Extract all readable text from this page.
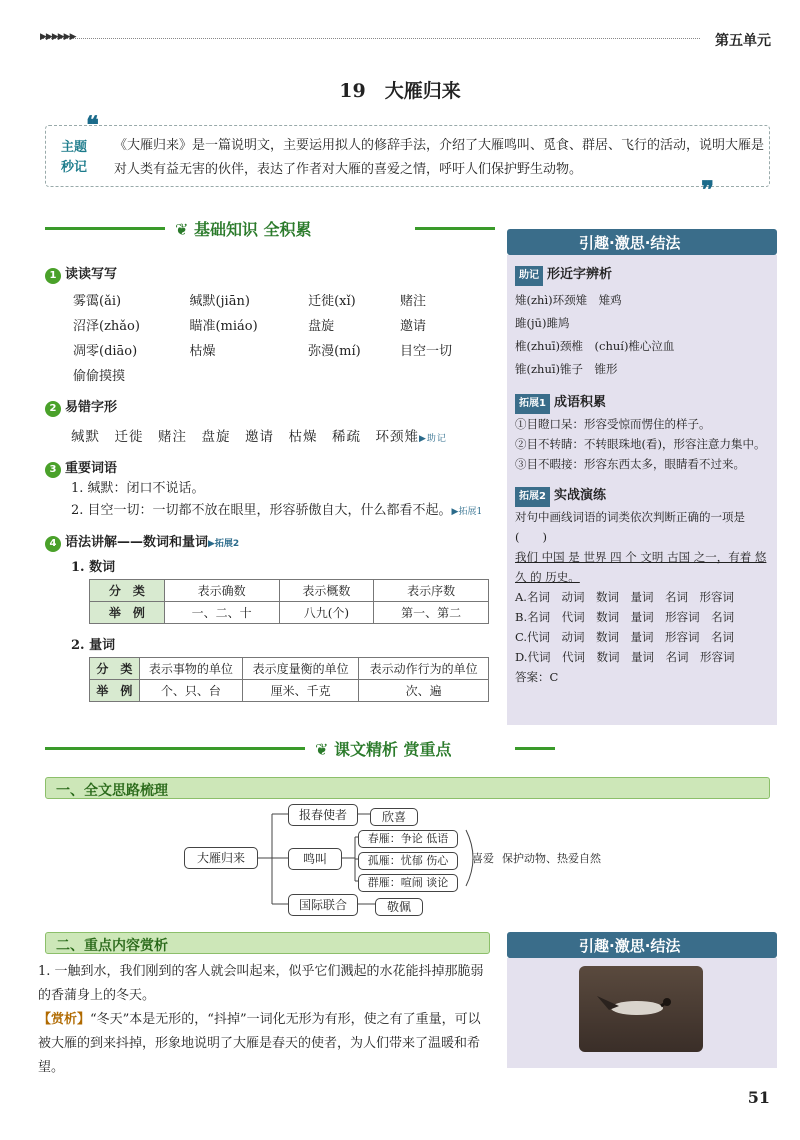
▶▶▶▶▶▶	第五单元
19　大雁归来
❝
主题
秒记
《大雁归来》是一篇说明文，主要运用拟人的修辞手法，介绍了大雁鸣叫、觅食、群居、飞行的活动，说明大雁是对人类有益无害的伙伴，表达了作者对大雁的喜爱之情，呼吁人们保护野生动物。
❞
❦ 基础知识 全积累
引趣·激思·结法
助记 形近字辨析
雉(zhì)环颈雉　雉鸡
雎(jū)雎鸠
椎(zhuī)颈椎　(chuí)椎心泣血
锥(zhuī)锥子　锥形
拓展1 成语积累
①目瞪口呆：形容受惊而愣住的样子。
②目不转睛：不转眼珠地(看)，形容注意力集中。
③目不暇接：形容东西太多，眼睛看不过来。
拓展2 实战演练
对句中画线词语的词类依次判断正确的一项是　　　(　　)
我们 中国 是 世界 四 个 文明 古国 之一，有着 悠久 的 历史。
A.名词　动词　数词　量词　名词　形容词
B.名词　代词　数词　量词　形容词　名词
C.代词　动词　数词　量词　形容词　名词
D.代词　代词　数词　量词　名词　形容词
答案：C
1 读读写写
雾霭(ǎi)	缄默(jiān)	迁徙(xǐ)	赌注
沼泽(zhǎo)	瞄准(miáo)	盘旋	邀请
凋零(diāo)	枯燥	弥漫(mí)	目空一切
偷偷摸摸			
2 易错字形
缄默　迁徙　赌注　盘旋　邀请　枯燥　稀疏　环颈雉▶助记
3 重要词语
1. 缄默：闭口不说话。
2. 目空一切：一切都不放在眼里，形容骄傲自大，什么都看不起。▶拓展1
4 语法讲解——数词和量词▶拓展2
1. 数词
分　类	表示确数	表示概数	表示序数
举　例	一、二、十	八九(个)	第一、第二
2. 量词
分　类	表示事物的单位	表示度量衡的单位	表示动作行为的单位
举　例	个、只、台	厘米、千克	次、遍
❦ 课文精析 赏重点
一、全文思路梳理
大雁归来
报春使者	欣喜
鸣叫
春雁：争论 低语
孤雁：忧郁 伤心
群雁：喧闹 谈论
喜爱 保护动物、热爱自然
国际联合	敬佩
二、重点内容赏析
1. 一触到水，我们刚到的客人就会叫起来，似乎它们溅起的水花能抖掉那脆弱的香蒲身上的冬天。
【赏析】“冬天”本是无形的，“抖掉”一词化无形为有形，使之有了重量，可以被大雁的到来抖掉，形象地说明了大雁是春天的使者，为人们带来了温暖和希望。
引趣·激思·结法
51
